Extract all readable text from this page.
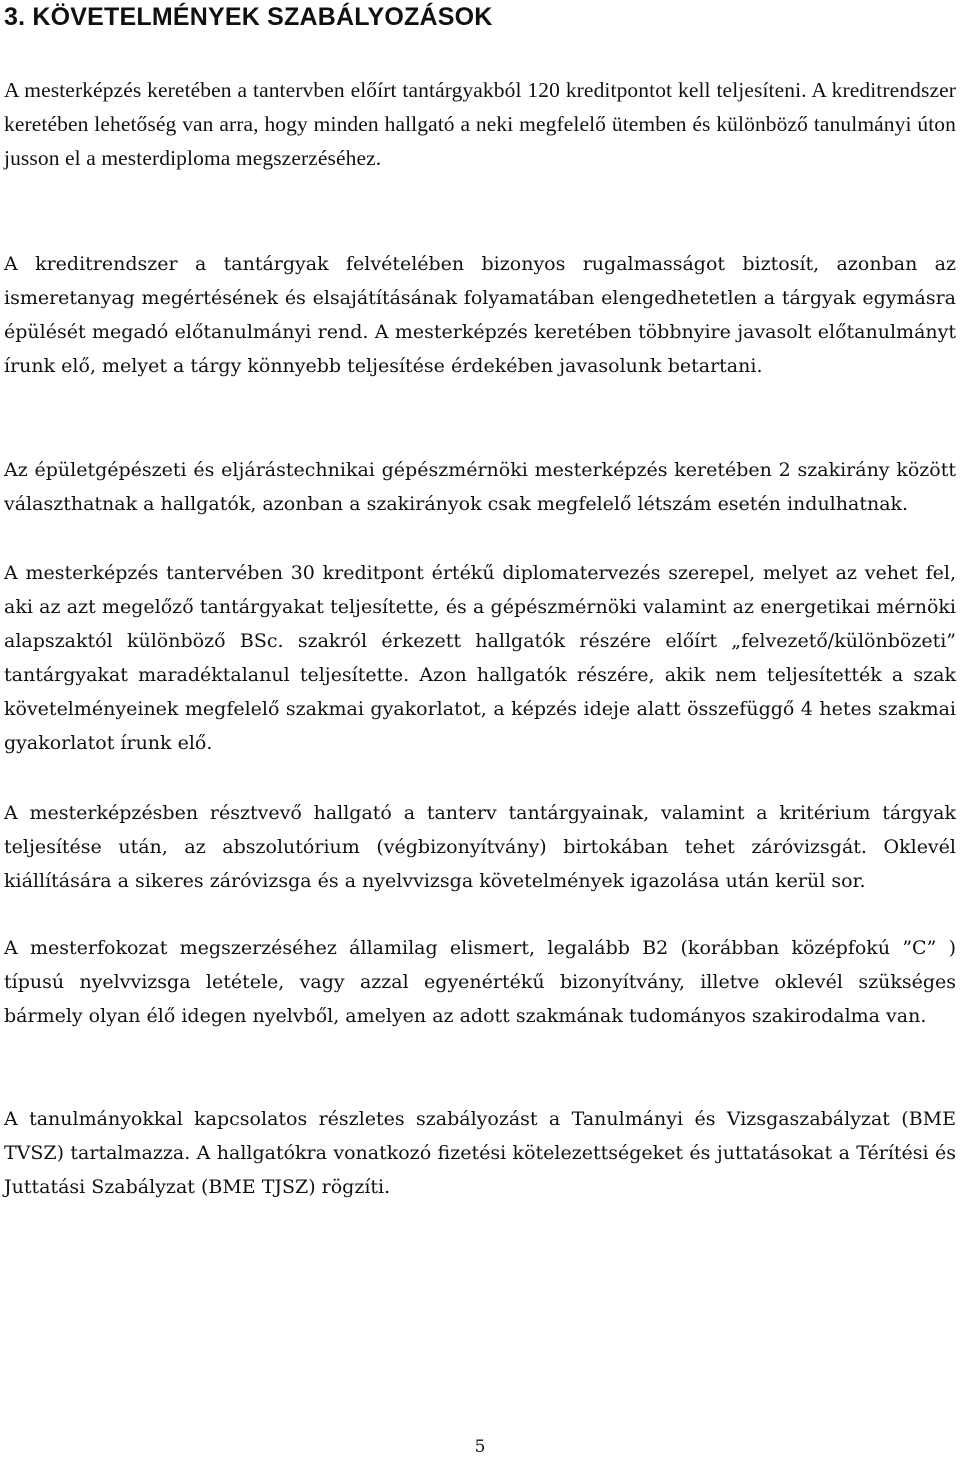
3. KÖVETELMÉNYEK SZABÁLYOZÁSOK

A mesterképzés keretében a tantervben előírt tantárgyakból 120 kreditpontot kell teljesíteni. A kreditrendszer keretében lehetőség van arra, hogy minden hallgató a neki megfelelő ütemben és különböző tanulmányi úton jusson el a mesterdiploma megszerzéséhez.

A kreditrendszer a tantárgyak felvételében bizonyos rugalmasságot biztosít, azonban az ismeretanyag megértésének és elsajátításának folyamatában elengedhetetlen a tárgyak egymásra épülését megadó előtanulmányi rend. A mesterképzés keretében többnyire javasolt előtanulmányt írunk elő, melyet a tárgy könnyebb teljesítése érdekében javasolunk betartani.

Az épületgépészeti és eljárástechnikai gépészmérnöki mesterképzés keretében 2 szakirány között választhatnak a hallgatók, azonban a szakirányok csak megfelelő létszám esetén indulhatnak.

A mesterképzés tantervében 30 kreditpont értékű diplomatervezés szerepel, melyet az vehet fel, aki az azt megelőző tantárgyakat teljesítette, és a gépészmérnöki valamint az energetikai mérnöki alapszaktól különböző BSc. szakról érkezett hallgatók részére előírt „felvezető/különbözeti” tantárgyakat maradéktalanul teljesítette. Azon hallgatók részére, akik nem teljesítették a szak követelményeinek megfelelő szakmai gyakorlatot, a képzés ideje alatt összefüggő 4 hetes szakmai gyakorlatot írunk elő.

A mesterképzésben résztvevő hallgató a tanterv tantárgyainak, valamint a kritérium tárgyak teljesítése után, az abszolutórium (végbizonyítvány) birtokában tehet záróvizsgát. Oklevél kiállítására a sikeres záróvizsga és a nyelvvizsga követelmények igazolása után kerül sor.

A mesterfokozat megszerzéséhez államilag elismert, legalább B2 (korábban középfokú ”C” ) típusú nyelvvizsga letétele, vagy azzal egyenértékű bizonyítvány, illetve oklevél szükséges bármely olyan élő idegen nyelvből, amelyen az adott szakmának tudományos szakirodalma van.

A tanulmányokkal kapcsolatos részletes szabályozást a Tanulmányi és Vizsgaszabályzat (BME TVSZ) tartalmazza. A hallgatókra vonatkozó fizetési kötelezettségeket és juttatásokat a Térítési és Juttatási Szabályzat (BME TJSZ) rögzíti.

5
